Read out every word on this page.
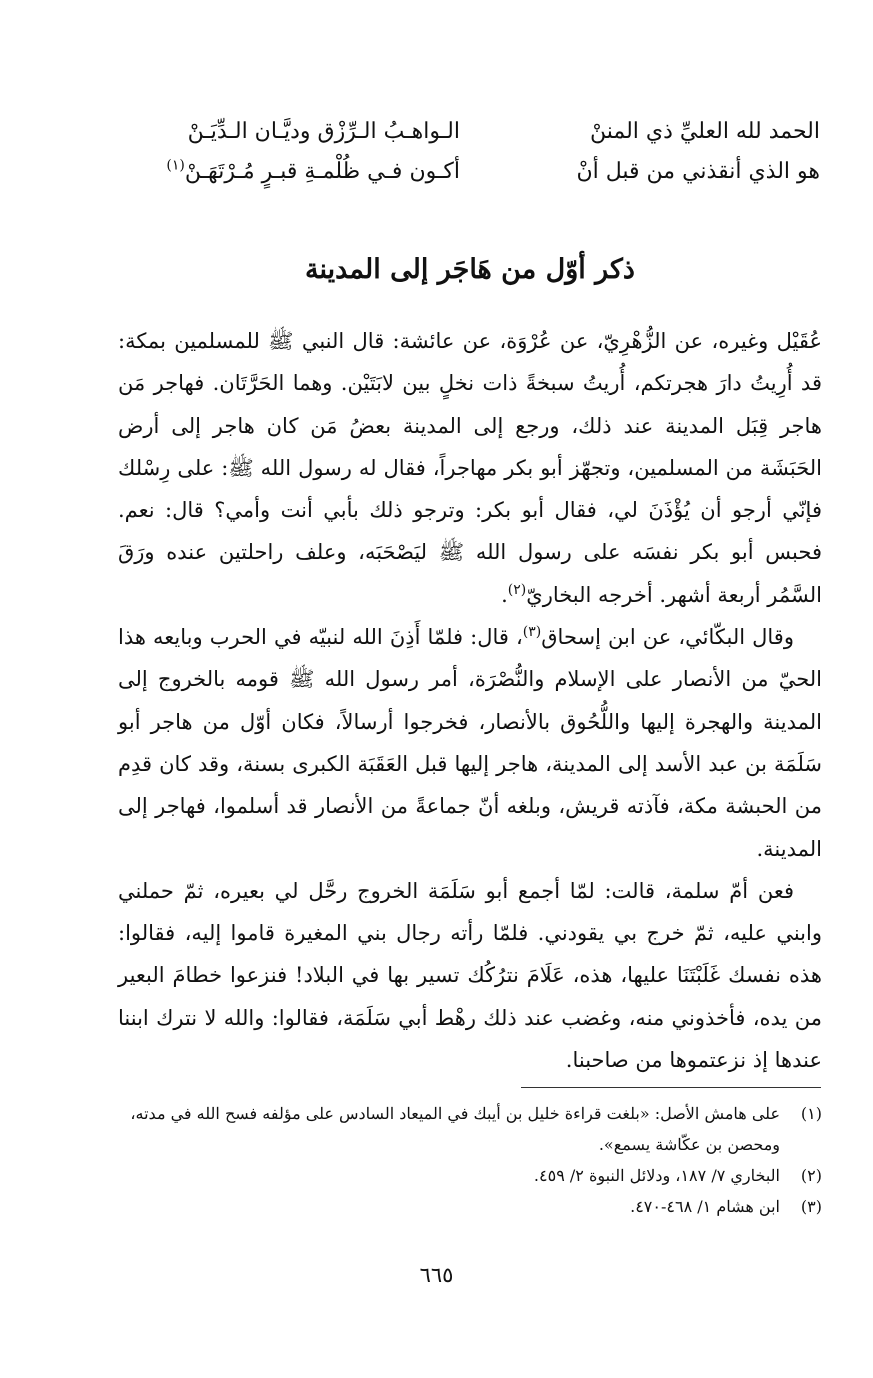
الحمد لله العليِّ ذي المننْ
الـواهـبُ الـرِّزْق وديَّـان الـدِّيَـنْ
هو الذي أنقذني من قبل أنْ
أكـون فـي ظُلْمـةِ قبـرٍ مُـرْتَهَـنْ$^{(١)}$
ذكر أوّل من هَاجَر إلى المدينة

عُقَيْل وغيره، عن الزُّهْرِيّ، عن عُرْوَة، عن عائشة: قال النبي ﷺ للمسلمين بمكة: قد أُرِيتُ دارَ هجرتكم، أُريتُ سبخةً ذات نخلٍ بين لابَتَيْن. وهما الحَرَّتَان. فهاجر مَن هاجر قِبَل المدينة عند ذلك، ورجع إلى المدينة بعضُ مَن كان هاجر إلى أرض الحَبَشَة من المسلمين، وتجهّز أبو بكر مهاجراً، فقال له رسول الله ﷺ: على رِسْلك فإنّي أرجو أن يُؤْذَنَ لي، فقال أبو بكر: وترجو ذلك بأبي أنت وأمي؟ قال: نعم. فحبس أبو بكر نفسَه على رسول الله ﷺ ليَصْحَبَه، وعلف راحلتين عنده ورَقَ السَّمُر أربعة أشهر. أخرجه البخاريّ$^{(٢)}$.

وقال البكّائي، عن ابن إسحاق$^{(٣)}$، قال: فلمّا أَذِنَ الله لنبيّه في الحرب وبايعه هذا الحيّ من الأنصار على الإسلام والنُّصْرَة، أمر رسول الله ﷺ قومه بالخروج إلى المدينة والهجرة إليها واللُّحُوق بالأنصار، فخرجوا أرسالاً، فكان أوّل من هاجر أبو سَلَمَة بن عبد الأسد إلى المدينة، هاجر إليها قبل العَقَبَة الكبرى بسنة، وقد كان قدِم من الحبشة مكة، فآذته قريش، وبلغه أنّ جماعةً من الأنصار قد أسلموا، فهاجر إلى المدينة.

فعن أمّ سلمة، قالت: لمّا أجمع أبو سَلَمَة الخروج رحَّل لي بعيره، ثمّ حملني وابني عليه، ثمّ خرج بي يقودني. فلمّا رأته رجال بني المغيرة قاموا إليه، فقالوا: هذه نفسك غَلَبْتَنَا عليها، هذه، عَلَامَ نترُكُك تسير بها في البلاد! فنزعوا خطامَ البعير من يده، فأخذوني منه، وغضب عند ذلك رهْط أبي سَلَمَة، فقالوا: والله لا نترك ابننا عندها إذ نزعتموها من صاحبنا.

(١)
على هامش الأصل: «بلغت قراءة خليل بن أيبك في الميعاد السادس على مؤلفه فسح الله في مدته، ومحصن بن عكّاشة يسمع».
(٢)
البخاري ٧/ ١٨٧، ودلائل النبوة ٢/ ٤٥٩.
(٣)
ابن هشام ١/ ٤٦٨-٤٧٠.
٦٦٥
